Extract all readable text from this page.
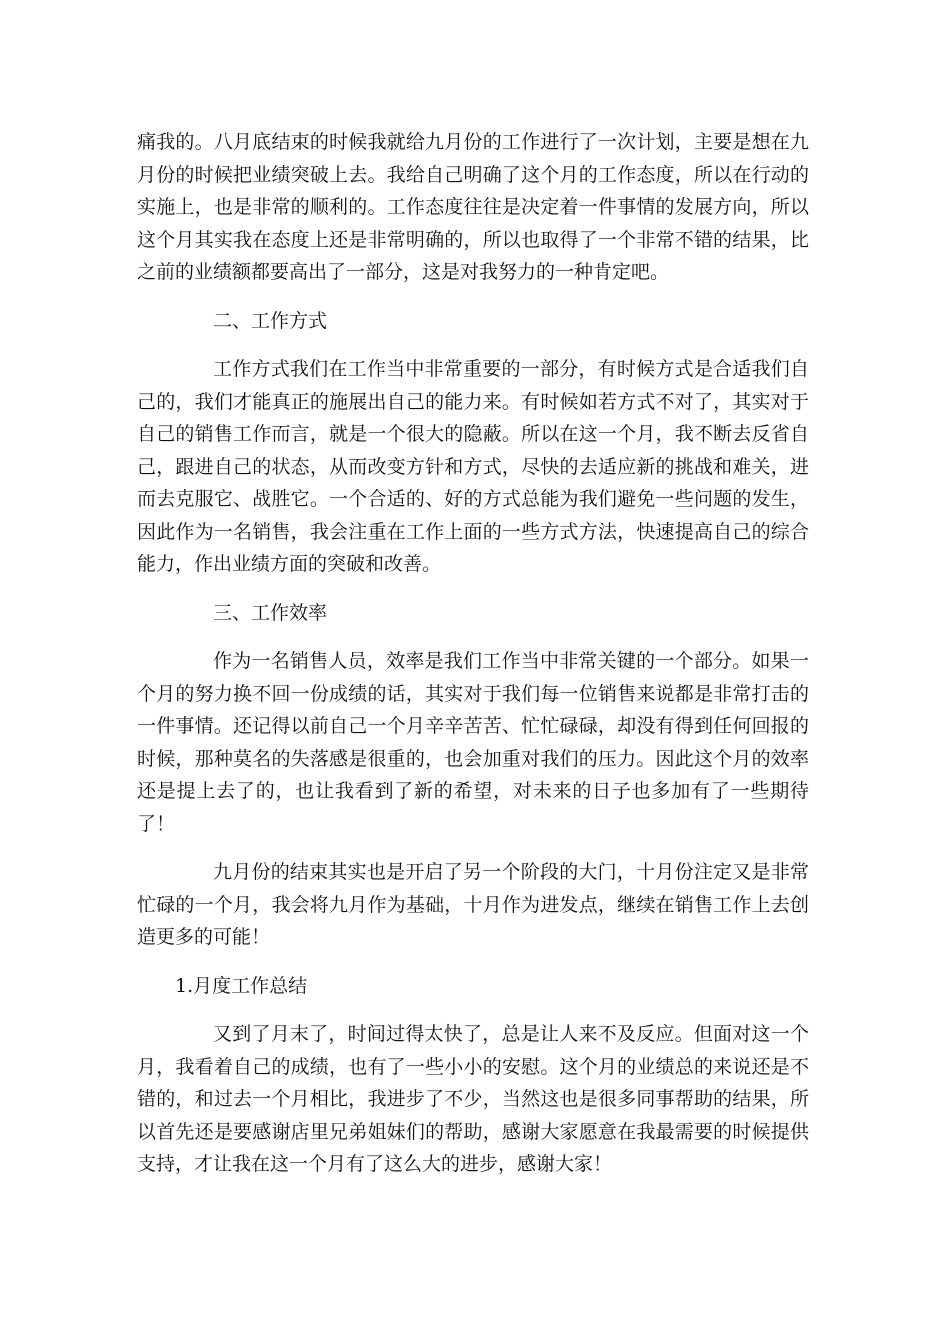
痛我的。八月底结束的时候我就给九月份的工作进行了一次计划，主要是想在九月份的时候把业绩突破上去。我给自己明确了这个月的工作态度，所以在行动的实施上，也是非常的顺利的。工作态度往往是决定着一件事情的发展方向，所以这个月其实我在态度上还是非常明确的，所以也取得了一个非常不错的结果，比之前的业绩额都要高出了一部分，这是对我努力的一种肯定吧。

二、工作方式

工作方式我们在工作当中非常重要的一部分，有时候方式是合适我们自己的，我们才能真正的施展出自己的能力来。有时候如若方式不对了，其实对于自己的销售工作而言，就是一个很大的隐蔽。所以在这一个月，我不断去反省自己，跟进自己的状态，从而改变方针和方式，尽快的去适应新的挑战和难关，进而去克服它、战胜它。一个合适的、好的方式总能为我们避免一些问题的发生，因此作为一名销售，我会注重在工作上面的一些方式方法，快速提高自己的综合能力，作出业绩方面的突破和改善。

三、工作效率

作为一名销售人员，效率是我们工作当中非常关键的一个部分。如果一个月的努力换不回一份成绩的话，其实对于我们每一位销售来说都是非常打击的一件事情。还记得以前自己一个月辛辛苦苦、忙忙碌碌，却没有得到任何回报的时候，那种莫名的失落感是很重的，也会加重对我们的压力。因此这个月的效率还是提上去了的，也让我看到了新的希望，对未来的日子也多加有了一些期待了！

九月份的结束其实也是开启了另一个阶段的大门，十月份注定又是非常忙碌的一个月，我会将九月作为基础，十月作为进发点，继续在销售工作上去创造更多的可能！

1.月度工作总结

又到了月末了，时间过得太快了，总是让人来不及反应。但面对这一个月，我看着自己的成绩，也有了一些小小的安慰。这个月的业绩总的来说还是不错的，和过去一个月相比，我进步了不少，当然这也是很多同事帮助的结果，所以首先还是要感谢店里兄弟姐妹们的帮助，感谢大家愿意在我最需要的时候提供支持，才让我在这一个月有了这么大的进步，感谢大家！
